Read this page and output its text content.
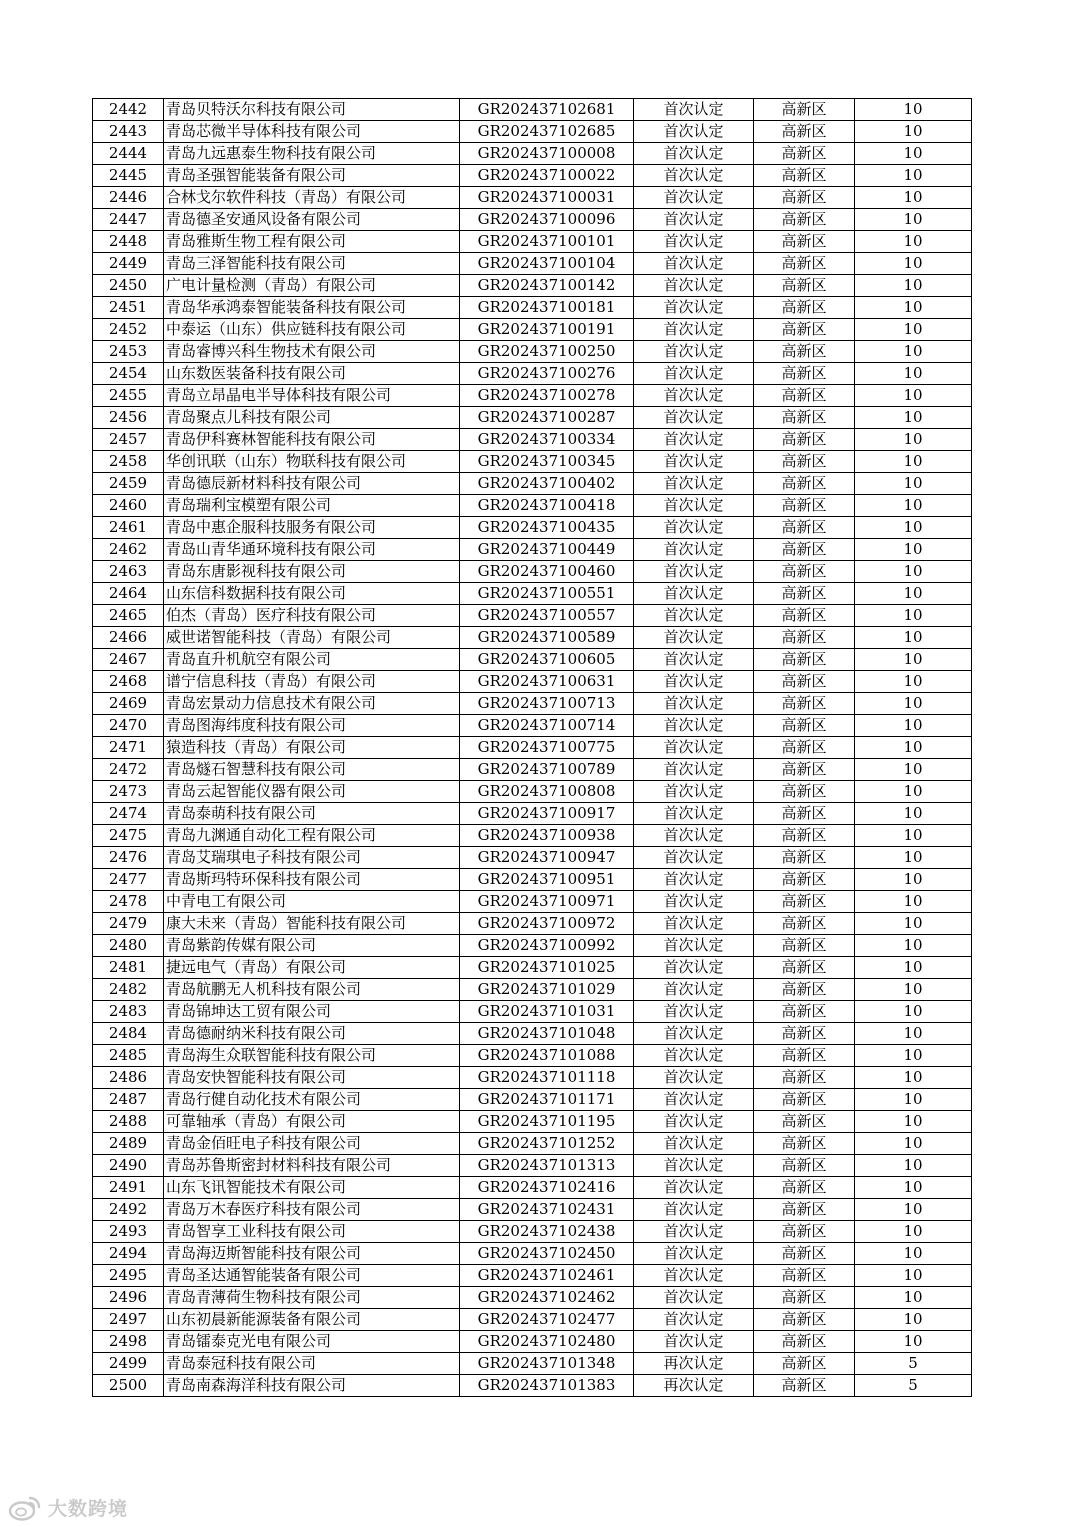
2442	青岛贝特沃尔科技有限公司	GR202437102681	首次认定	高新区	10
2443	青岛芯微半导体科技有限公司	GR202437102685	首次认定	高新区	10
2444	青岛九远惠泰生物科技有限公司	GR202437100008	首次认定	高新区	10
2445	青岛圣强智能装备有限公司	GR202437100022	首次认定	高新区	10
2446	合林戈尔软件科技（青岛）有限公司	GR202437100031	首次认定	高新区	10
2447	青岛德圣安通风设备有限公司	GR202437100096	首次认定	高新区	10
2448	青岛雅斯生物工程有限公司	GR202437100101	首次认定	高新区	10
2449	青岛三泽智能科技有限公司	GR202437100104	首次认定	高新区	10
2450	广电计量检测（青岛）有限公司	GR202437100142	首次认定	高新区	10
2451	青岛华承鸿泰智能装备科技有限公司	GR202437100181	首次认定	高新区	10
2452	中泰运（山东）供应链科技有限公司	GR202437100191	首次认定	高新区	10
2453	青岛睿博兴科生物技术有限公司	GR202437100250	首次认定	高新区	10
2454	山东数医装备科技有限公司	GR202437100276	首次认定	高新区	10
2455	青岛立昂晶电半导体科技有限公司	GR202437100278	首次认定	高新区	10
2456	青岛聚点儿科技有限公司	GR202437100287	首次认定	高新区	10
2457	青岛伊科赛林智能科技有限公司	GR202437100334	首次认定	高新区	10
2458	华创讯联（山东）物联科技有限公司	GR202437100345	首次认定	高新区	10
2459	青岛德辰新材料科技有限公司	GR202437100402	首次认定	高新区	10
2460	青岛瑞利宝模塑有限公司	GR202437100418	首次认定	高新区	10
2461	青岛中惠企服科技服务有限公司	GR202437100435	首次认定	高新区	10
2462	青岛山青华通环境科技有限公司	GR202437100449	首次认定	高新区	10
2463	青岛东唐影视科技有限公司	GR202437100460	首次认定	高新区	10
2464	山东信科数据科技有限公司	GR202437100551	首次认定	高新区	10
2465	伯杰（青岛）医疗科技有限公司	GR202437100557	首次认定	高新区	10
2466	威世诺智能科技（青岛）有限公司	GR202437100589	首次认定	高新区	10
2467	青岛直升机航空有限公司	GR202437100605	首次认定	高新区	10
2468	谱宁信息科技（青岛）有限公司	GR202437100631	首次认定	高新区	10
2469	青岛宏景动力信息技术有限公司	GR202437100713	首次认定	高新区	10
2470	青岛图海纬度科技有限公司	GR202437100714	首次认定	高新区	10
2471	猿造科技（青岛）有限公司	GR202437100775	首次认定	高新区	10
2472	青岛燧石智慧科技有限公司	GR202437100789	首次认定	高新区	10
2473	青岛云起智能仪器有限公司	GR202437100808	首次认定	高新区	10
2474	青岛泰萌科技有限公司	GR202437100917	首次认定	高新区	10
2475	青岛九渊通自动化工程有限公司	GR202437100938	首次认定	高新区	10
2476	青岛艾瑞琪电子科技有限公司	GR202437100947	首次认定	高新区	10
2477	青岛斯玛特环保科技有限公司	GR202437100951	首次认定	高新区	10
2478	中青电工有限公司	GR202437100971	首次认定	高新区	10
2479	康大未来（青岛）智能科技有限公司	GR202437100972	首次认定	高新区	10
2480	青岛紫韵传媒有限公司	GR202437100992	首次认定	高新区	10
2481	捷远电气（青岛）有限公司	GR202437101025	首次认定	高新区	10
2482	青岛航鹏无人机科技有限公司	GR202437101029	首次认定	高新区	10
2483	青岛锦坤达工贸有限公司	GR202437101031	首次认定	高新区	10
2484	青岛德耐纳米科技有限公司	GR202437101048	首次认定	高新区	10
2485	青岛海生众联智能科技有限公司	GR202437101088	首次认定	高新区	10
2486	青岛安快智能科技有限公司	GR202437101118	首次认定	高新区	10
2487	青岛行健自动化技术有限公司	GR202437101171	首次认定	高新区	10
2488	可靠轴承（青岛）有限公司	GR202437101195	首次认定	高新区	10
2489	青岛金佰旺电子科技有限公司	GR202437101252	首次认定	高新区	10
2490	青岛苏鲁斯密封材料科技有限公司	GR202437101313	首次认定	高新区	10
2491	山东飞讯智能技术有限公司	GR202437102416	首次认定	高新区	10
2492	青岛万木春医疗科技有限公司	GR202437102431	首次认定	高新区	10
2493	青岛智享工业科技有限公司	GR202437102438	首次认定	高新区	10
2494	青岛海迈斯智能科技有限公司	GR202437102450	首次认定	高新区	10
2495	青岛圣达通智能装备有限公司	GR202437102461	首次认定	高新区	10
2496	青岛青薄荷生物科技有限公司	GR202437102462	首次认定	高新区	10
2497	山东初晨新能源装备有限公司	GR202437102477	首次认定	高新区	10
2498	青岛镭泰克光电有限公司	GR202437102480	首次认定	高新区	10
2499	青岛泰冠科技有限公司	GR202437101348	再次认定	高新区	5
2500	青岛南森海洋科技有限公司	GR202437101383	再次认定	高新区	5
大数跨境
